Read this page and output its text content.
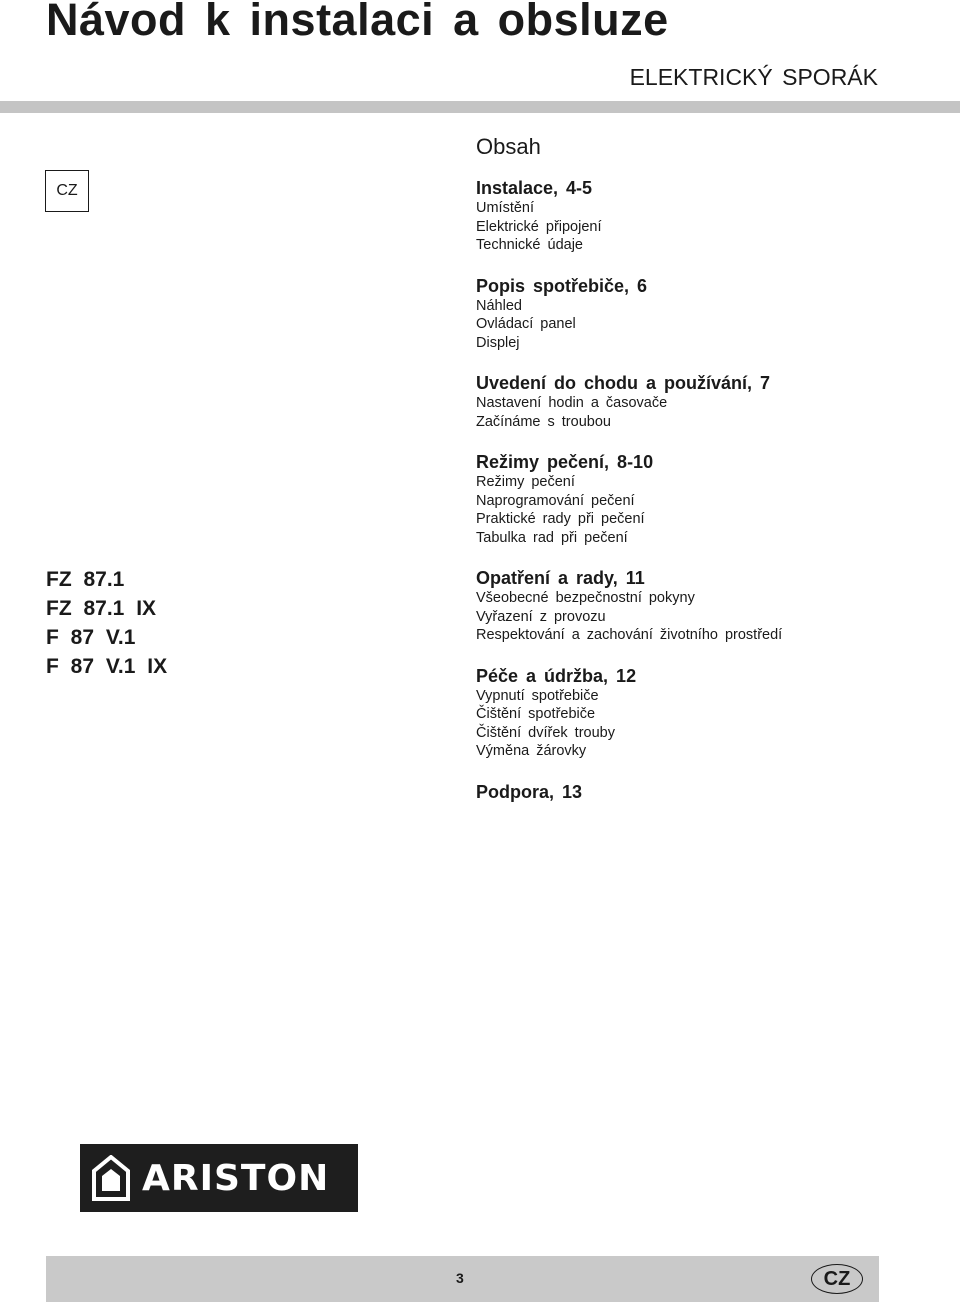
Návod k instalaci a obsluze
ELEKTRICKÝ SPORÁK
CZ
FZ 87.1
FZ 87.1 IX
F 87 V.1
F 87 V.1 IX
Obsah
Instalace, 4-5
Umístění
Elektrické připojení
Technické údaje
Popis spotřebiče, 6
Náhled
Ovládací panel
Displej
Uvedení do chodu a používání, 7
Nastavení hodin a časovače
Začínáme s troubou
Režimy pečení, 8-10
Režimy pečení
Naprogramování pečení
Praktické rady při pečení
Tabulka rad při pečení
Opatření a rady, 11
Všeobecné bezpečnostní pokyny
Vyřazení z provozu
Respektování a zachování životního prostředí
Péče a údržba, 12
Vypnutí spotřebiče
Čištění spotřebiče
Čištění dvířek trouby
Výměna žárovky
Podpora, 13
ARISTON
3	CZ
